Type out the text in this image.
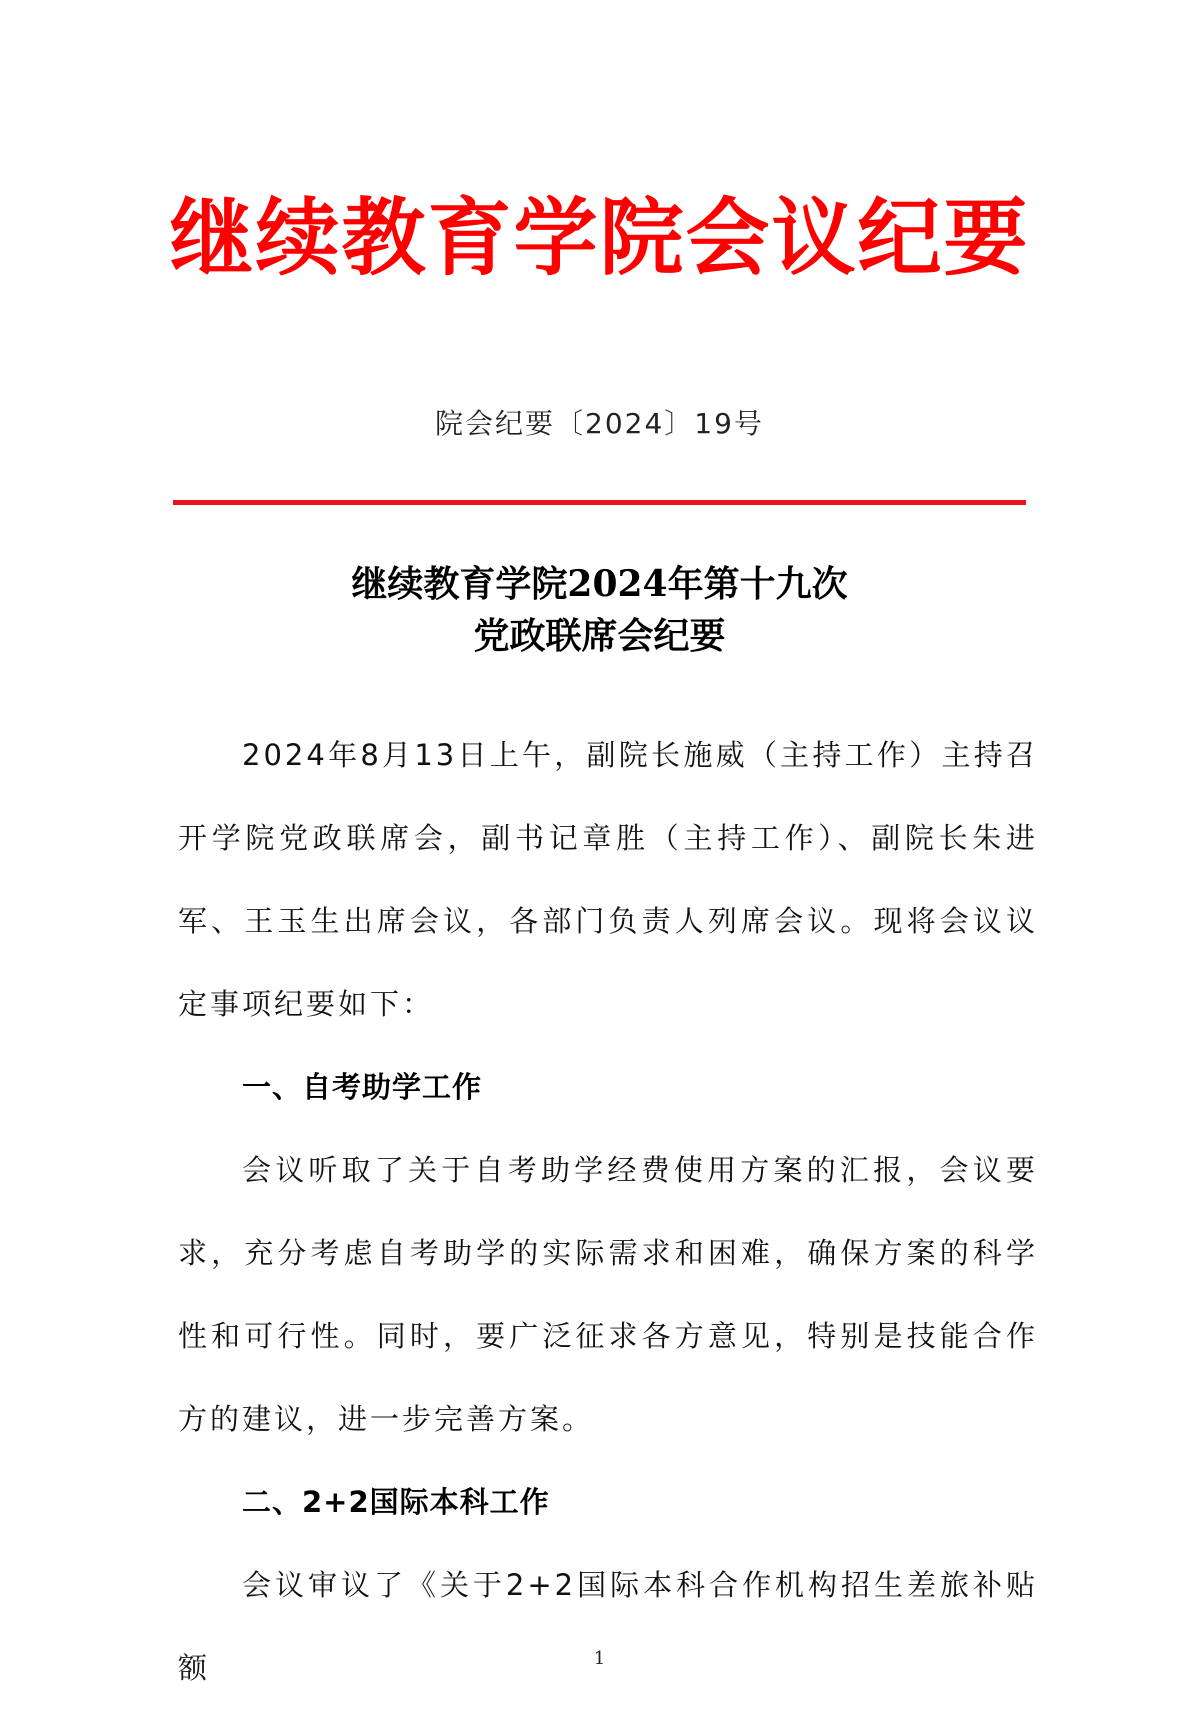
继续教育学院会议纪要
院会纪要〔2024〕19号
继续教育学院2024年第十九次
党政联席会纪要

2024年8月13日上午，副院长施威（主持工作）主持召开学院党政联席会，副书记章胜（主持工作）、副院长朱进军、王玉生出席会议，各部门负责人列席会议。现将会议议定事项纪要如下：

一、自考助学工作

会议听取了关于自考助学经费使用方案的汇报，会议要求，充分考虑自考助学的实际需求和困难，确保方案的科学性和可行性。同时，要广泛征求各方意见，特别是技能合作方的建议，进一步完善方案。

二、2+2国际本科工作

会议审议了《关于2+2国际本科合作机构招生差旅补贴额	1
